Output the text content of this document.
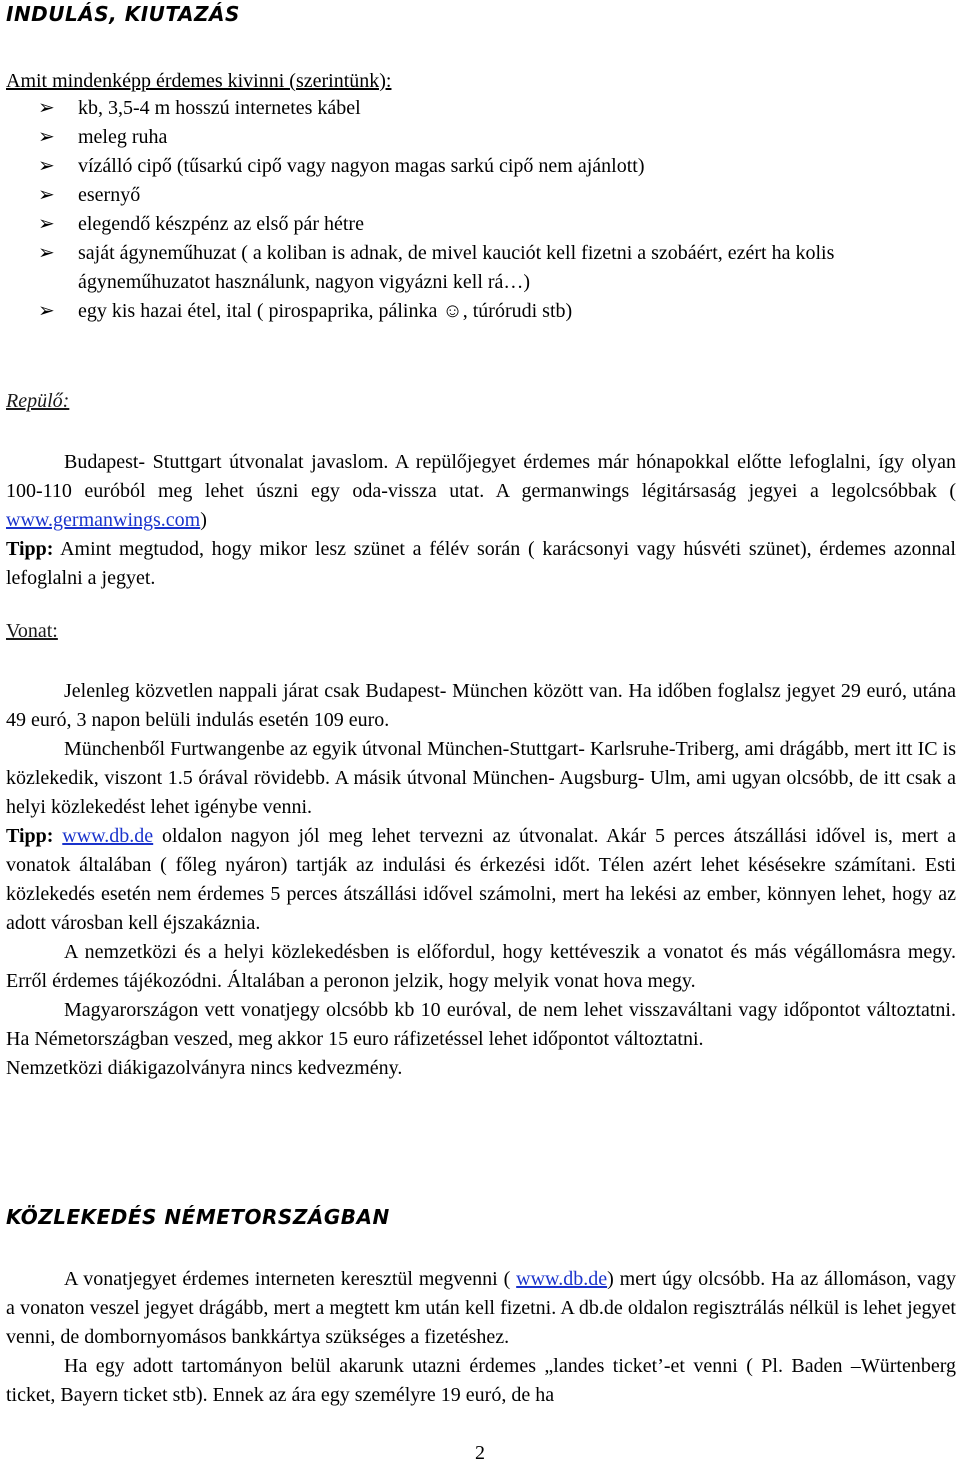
INDULÁS, KIUTAZÁS
Amit mindenképp érdemes kivinni (szerintünk):
➢ kb, 3,5-4 m hosszú internetes kábel
➢ meleg ruha
➢ vízálló cipő (tűsarkú cipő vagy nagyon magas sarkú cipő nem ajánlott)
➢ esernyő
➢ elegendő készpénz az első pár hétre
➢ saját ágyneműhuzat ( a koliban is adnak, de mivel kauciót kell fizetni a szobáért, ezért ha kolis ágyneműhuzatot használunk, nagyon vigyázni kell rá…)
➢ egy kis hazai étel, ital ( pirospaprika, pálinka ☺, túrórudi stb)
Repülő:

Budapest- Stuttgart útvonalat javaslom. A repülőjegyet érdemes már hónapokkal előtte lefoglalni, így olyan 100-110 euróból meg lehet úszni egy oda-vissza utat. A germanwings légitársaság jegyei a legolcsóbbak ( www.germanwings.com)

Tipp: Amint megtudod, hogy mikor lesz szünet a félév során ( karácsonyi vagy húsvéti szünet), érdemes azonnal lefoglalni a jegyet.

Vonat:

Jelenleg közvetlen nappali járat csak Budapest- München között van. Ha időben foglalsz jegyet 29 euró, utána 49 euró, 3 napon belüli indulás esetén 109 euro.

Münchenből Furtwangenbe az egyik útvonal München-Stuttgart- Karlsruhe-Triberg, ami drágább, mert itt IC is közlekedik, viszont 1.5 órával rövidebb. A másik útvonal München- Augsburg- Ulm, ami ugyan olcsóbb, de itt csak a helyi közlekedést lehet igénybe venni.

Tipp: www.db.de oldalon nagyon jól meg lehet tervezni az útvonalat. Akár 5 perces átszállási idővel is, mert a vonatok általában ( főleg nyáron) tartják az indulási és érkezési időt. Télen azért lehet késésekre számítani. Esti közlekedés esetén nem érdemes 5 perces átszállási idővel számolni, mert ha lekési az ember, könnyen lehet, hogy az adott városban kell éjszakáznia.

A nemzetközi és a helyi közlekedésben is előfordul, hogy kettéveszik a vonatot és más végállomásra megy. Erről érdemes tájékozódni. Általában a peronon jelzik, hogy melyik vonat hova megy.

Magyarországon vett vonatjegy olcsóbb kb 10 euróval, de nem lehet visszaváltani vagy időpontot változtatni. Ha Németországban veszed, meg akkor 15 euro ráfizetéssel lehet időpontot változtatni.

Nemzetközi diákigazolványra nincs kedvezmény.

KÖZLEKEDÉS NÉMETORSZÁGBAN

A vonatjegyet érdemes interneten keresztül megvenni ( www.db.de) mert úgy olcsóbb. Ha az állomáson, vagy a vonaton veszel jegyet drágább, mert a megtett km után kell fizetni. A db.de oldalon regisztrálás nélkül is lehet jegyet venni, de dombornyomásos bankkártya szükséges a fizetéshez.

Ha egy adott tartományon belül akarunk utazni érdemes „landes ticket’-et venni ( Pl. Baden –Würtenberg ticket, Bayern ticket stb). Ennek az ára egy személyre 19 euró, de ha

2
